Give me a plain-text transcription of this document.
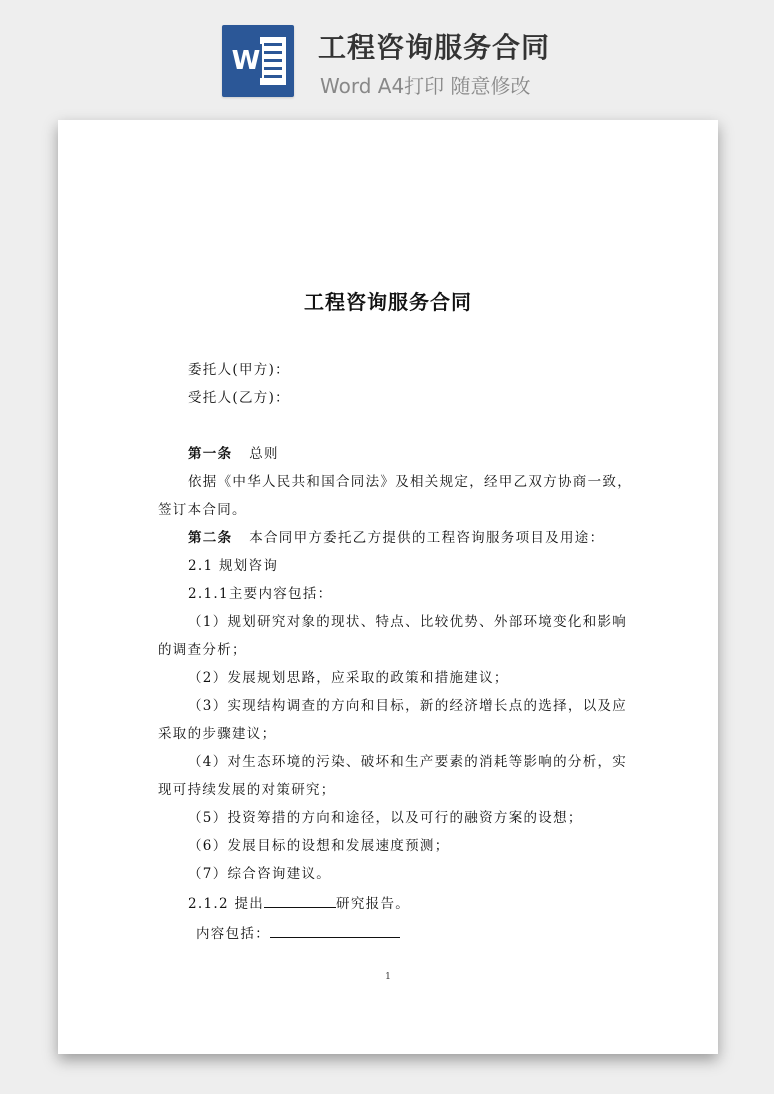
W 工程咨询服务合同
Word A4打印 随意修改

工程咨询服务合同
委托人(甲方)：
受托人(乙方)：
第一条 总则
依据《中华人民共和国合同法》及相关规定，经甲乙双方协商一致，
签订本合同。
第二条 本合同甲方委托乙方提供的工程咨询服务项目及用途：
2.1 规划咨询
2.1.1主要内容包括：
（1）规划研究对象的现状、特点、比较优势、外部环境变化和影响
的调查分析；
（2）发展规划思路，应采取的政策和措施建议；
（3）实现结构调查的方向和目标，新的经济增长点的选择，以及应
采取的步骤建议；
（4）对生态环境的污染、破坏和生产要素的消耗等影响的分析，实
现可持续发展的对策研究；
（5）投资筹措的方向和途径，以及可行的融资方案的设想；
（6）发展目标的设想和发展速度预测；
（7）综合咨询建议。
2.1.2 提出	研究报告。
内容包括：
1
